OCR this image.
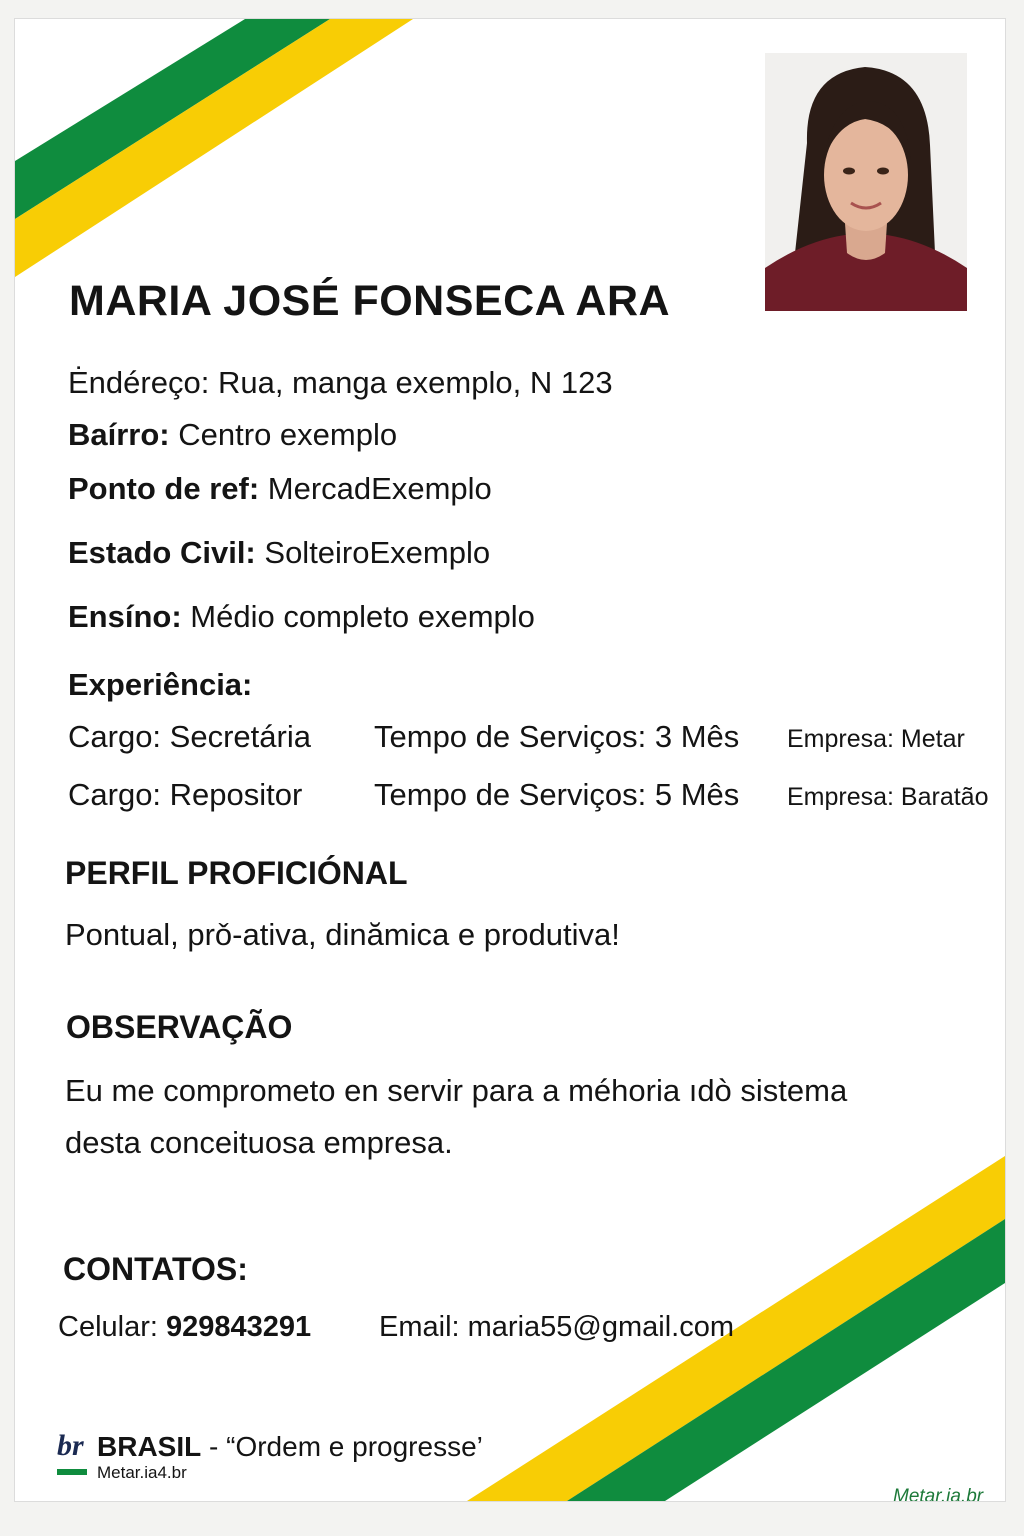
MARIA JOSÉ FONSECA ARA
Ėndéreço: Rua, manga exemplo, N 123
Baírro: Centro exemplo
Ponto de ref: MercadExemplo
Estado Civil: SolteiroExemplo
Ensíno: Médio completo exemplo
Experiência:
Cargo: Secretária Tempo de Serviços: 3 Mês Empresa: Metar
Cargo: Repositor Tempo de Serviços: 5 Mês Empresa: Baratão
PERFIL PROFICIÓNAL
Pontual, prǒ-ativa, dinămica e produtiva!
OBSERVAÇÃO
Eu me comprometo en servir para a méhoria ıdò sistema
desta conceituosa empresa.
CONTATOS:
Celular: 929843291 Email: maria55@gmail.com
br BRASIL - “Ordem e progresse’
Metar.ia4.br
Metar.ia.br
